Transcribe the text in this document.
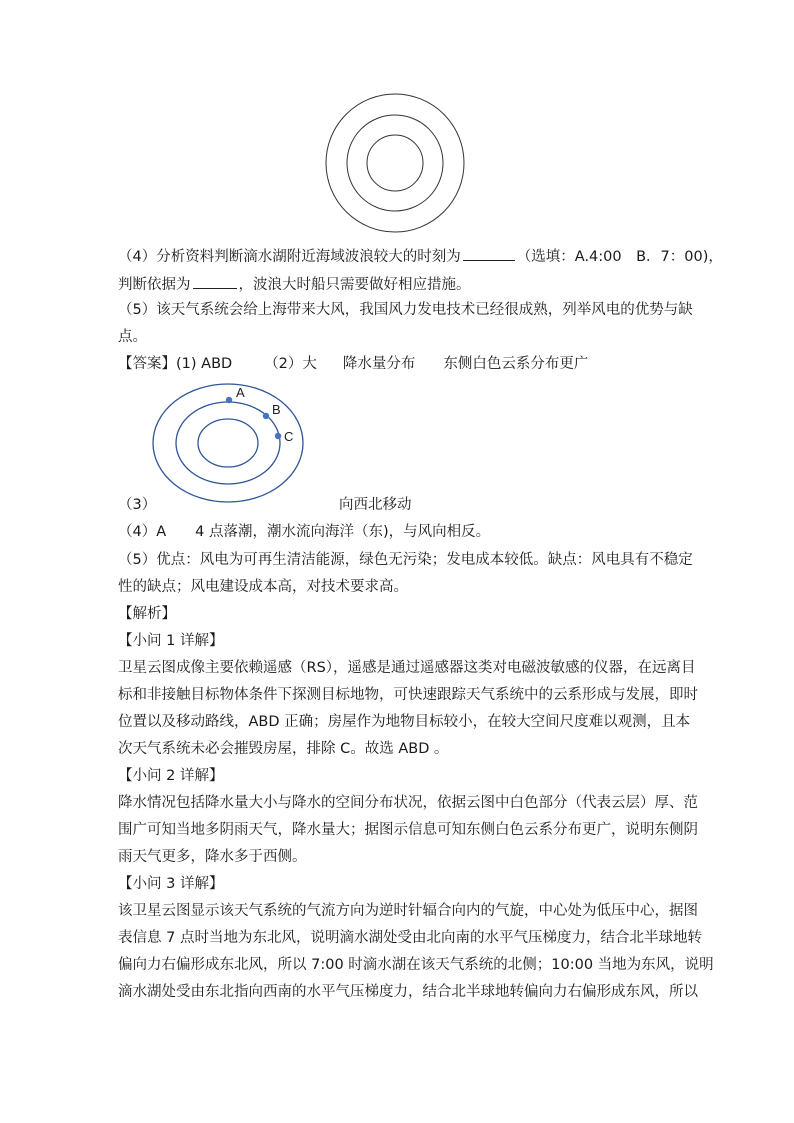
（4）分析资料判断滴水湖附近海域波浪较大的时刻为	（选填：A.4:00　B．7：00)，
判断依据为	，波浪大时船只需要做好相应措施。
（5）该天气系统会给上海带来大风，我国风力发电技术已经很成熟，列举风电的优势与缺
点。
【答案】(1) ABD （2）大 降水量分布 东侧白色云系分布更广
A
B
C
（3）	向西北移动
（4）A　　4 点落潮，潮水流向海洋（东)，与风向相反。
（5）优点：风电为可再生清洁能源，绿色无污染；发电成本较低。缺点：风电具有不稳定
性的缺点；风电建设成本高，对技术要求高。
【解析】
【小问 1 详解】
卫星云图成像主要依赖遥感（RS），遥感是通过遥感器这类对电磁波敏感的仪器，在远离目
标和非接触目标物体条件下探测目标地物，可快速跟踪天气系统中的云系形成与发展，即时
位置以及移动路线，ABD 正确；房屋作为地物目标较小，在较大空间尺度难以观测，且本
次天气系统未必会摧毁房屋，排除 C。故选 ABD 。
【小问 2 详解】
降水情况包括降水量大小与降水的空间分布状况，依据云图中白色部分（代表云层）厚、范
围广可知当地多阴雨天气，降水量大；据图示信息可知东侧白色云系分布更广，说明东侧阴
雨天气更多，降水多于西侧。
【小问 3 详解】
该卫星云图显示该天气系统的气流方向为逆时针辐合向内的气旋，中心处为低压中心，据图
表信息 7 点时当地为东北风，说明滴水湖处受由北向南的水平气压梯度力，结合北半球地转
偏向力右偏形成东北风，所以 7:00 时滴水湖在该天气系统的北侧；10:00 当地为东风，说明
滴水湖处受由东北指向西南的水平气压梯度力，结合北半球地转偏向力右偏形成东风，所以
